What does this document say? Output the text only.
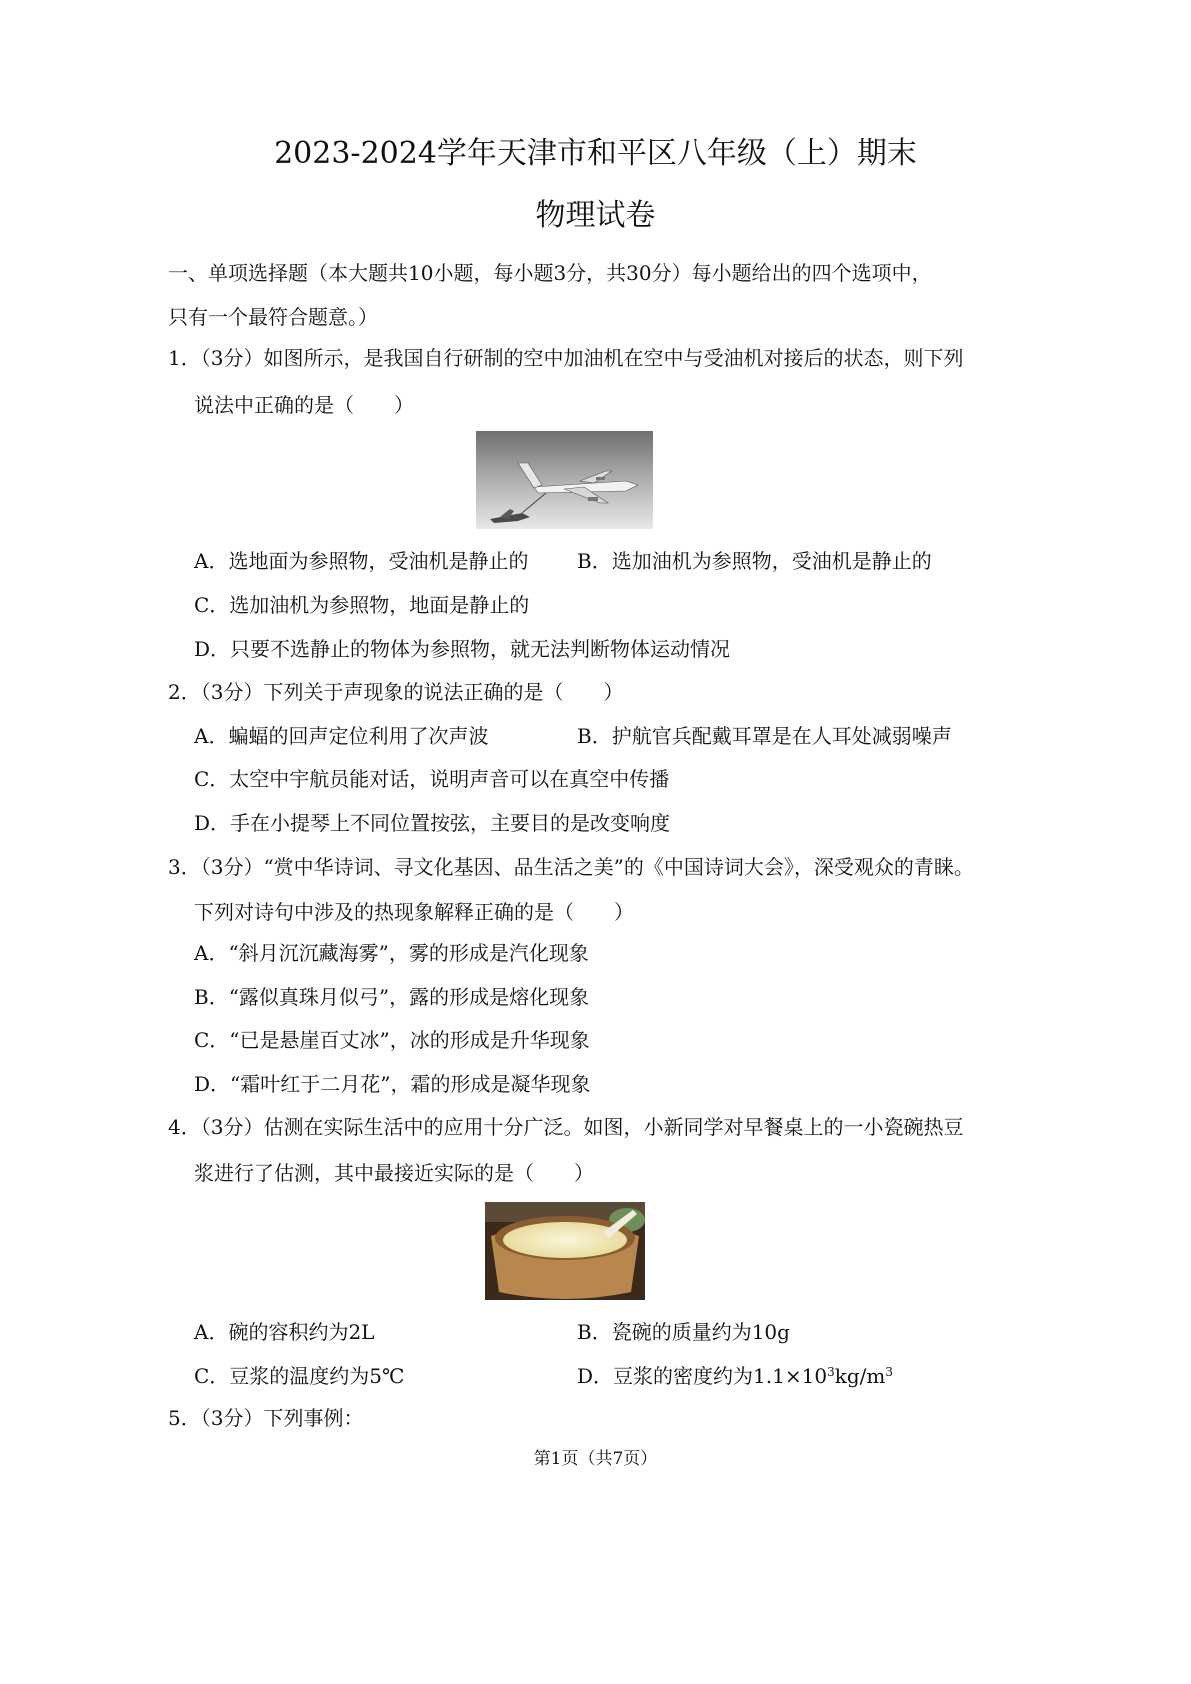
2023-2024学年天津市和平区八年级（上）期末
物理试卷
一、单项选择题（本大题共10小题，每小题3分，共30分）每小题给出的四个选项中，
只有一个最符合题意。）
1．（3分）如图所示，是我国自行研制的空中加油机在空中与受油机对接后的状态，则下列
说法中正确的是（　　）
A．选地面为参照物，受油机是静止的 B．选加油机为参照物，受油机是静止的
C．选加油机为参照物，地面是静止的
D．只要不选静止的物体为参照物，就无法判断物体运动情况
2．（3分）下列关于声现象的说法正确的是（　　）
A．蝙蝠的回声定位利用了次声波	B．护航官兵配戴耳罩是在人耳处减弱噪声
C．太空中宇航员能对话，说明声音可以在真空中传播
D．手在小提琴上不同位置按弦，主要目的是改变响度
3．（3分）“赏中华诗词、寻文化基因、品生活之美”的《中国诗词大会》，深受观众的青睐。
下列对诗句中涉及的热现象解释正确的是（　　）
A．“斜月沉沉藏海雾”，雾的形成是汽化现象
B．“露似真珠月似弓”，露的形成是熔化现象
C．“已是悬崖百丈冰”，冰的形成是升华现象
D．“霜叶红于二月花”，霜的形成是凝华现象
4．（3分）估测在实际生活中的应用十分广泛。如图，小新同学对早餐桌上的一小瓷碗热豆
浆进行了估测，其中最接近实际的是（　　）
A．碗的容积约为2L	B．瓷碗的质量约为10g
C．豆浆的温度约为5℃	D．豆浆的密度约为$1.1\times 10^3kg/m^3$
5．（3分）下列事例：
第1页（共7页）
